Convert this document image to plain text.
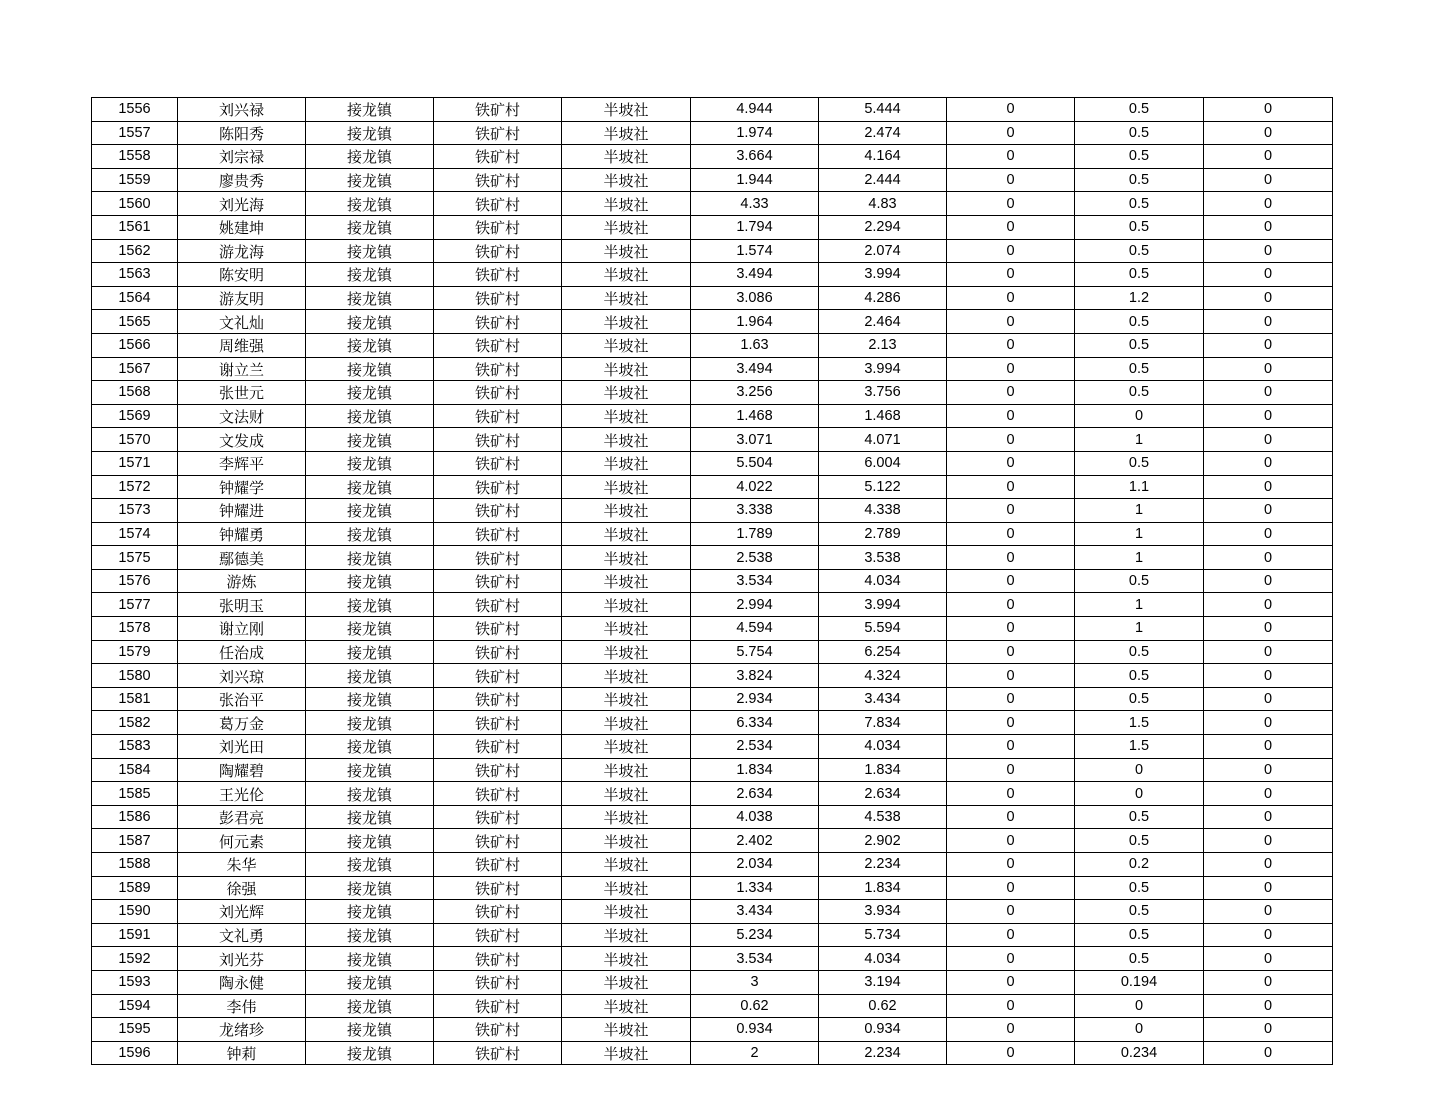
1556	刘兴禄	接龙镇	铁矿村	半坡社	4.944	5.444	0	0.5	0
1557	陈阳秀	接龙镇	铁矿村	半坡社	1.974	2.474	0	0.5	0
1558	刘宗禄	接龙镇	铁矿村	半坡社	3.664	4.164	0	0.5	0
1559	廖贵秀	接龙镇	铁矿村	半坡社	1.944	2.444	0	0.5	0
1560	刘光海	接龙镇	铁矿村	半坡社	4.33	4.83	0	0.5	0
1561	姚建坤	接龙镇	铁矿村	半坡社	1.794	2.294	0	0.5	0
1562	游龙海	接龙镇	铁矿村	半坡社	1.574	2.074	0	0.5	0
1563	陈安明	接龙镇	铁矿村	半坡社	3.494	3.994	0	0.5	0
1564	游友明	接龙镇	铁矿村	半坡社	3.086	4.286	0	1.2	0
1565	文礼灿	接龙镇	铁矿村	半坡社	1.964	2.464	0	0.5	0
1566	周维强	接龙镇	铁矿村	半坡社	1.63	2.13	0	0.5	0
1567	谢立兰	接龙镇	铁矿村	半坡社	3.494	3.994	0	0.5	0
1568	张世元	接龙镇	铁矿村	半坡社	3.256	3.756	0	0.5	0
1569	文法财	接龙镇	铁矿村	半坡社	1.468	1.468	0	0	0
1570	文发成	接龙镇	铁矿村	半坡社	3.071	4.071	0	1	0
1571	李辉平	接龙镇	铁矿村	半坡社	5.504	6.004	0	0.5	0
1572	钟耀学	接龙镇	铁矿村	半坡社	4.022	5.122	0	1.1	0
1573	钟耀进	接龙镇	铁矿村	半坡社	3.338	4.338	0	1	0
1574	钟耀勇	接龙镇	铁矿村	半坡社	1.789	2.789	0	1	0
1575	鄢德美	接龙镇	铁矿村	半坡社	2.538	3.538	0	1	0
1576	游炼	接龙镇	铁矿村	半坡社	3.534	4.034	0	0.5	0
1577	张明玉	接龙镇	铁矿村	半坡社	2.994	3.994	0	1	0
1578	谢立刚	接龙镇	铁矿村	半坡社	4.594	5.594	0	1	0
1579	任治成	接龙镇	铁矿村	半坡社	5.754	6.254	0	0.5	0
1580	刘兴琼	接龙镇	铁矿村	半坡社	3.824	4.324	0	0.5	0
1581	张治平	接龙镇	铁矿村	半坡社	2.934	3.434	0	0.5	0
1582	葛万金	接龙镇	铁矿村	半坡社	6.334	7.834	0	1.5	0
1583	刘光田	接龙镇	铁矿村	半坡社	2.534	4.034	0	1.5	0
1584	陶耀碧	接龙镇	铁矿村	半坡社	1.834	1.834	0	0	0
1585	王光伦	接龙镇	铁矿村	半坡社	2.634	2.634	0	0	0
1586	彭君亮	接龙镇	铁矿村	半坡社	4.038	4.538	0	0.5	0
1587	何元素	接龙镇	铁矿村	半坡社	2.402	2.902	0	0.5	0
1588	朱华	接龙镇	铁矿村	半坡社	2.034	2.234	0	0.2	0
1589	徐强	接龙镇	铁矿村	半坡社	1.334	1.834	0	0.5	0
1590	刘光辉	接龙镇	铁矿村	半坡社	3.434	3.934	0	0.5	0
1591	文礼勇	接龙镇	铁矿村	半坡社	5.234	5.734	0	0.5	0
1592	刘光芬	接龙镇	铁矿村	半坡社	3.534	4.034	0	0.5	0
1593	陶永健	接龙镇	铁矿村	半坡社	3	3.194	0	0.194	0
1594	李伟	接龙镇	铁矿村	半坡社	0.62	0.62	0	0	0
1595	龙绪珍	接龙镇	铁矿村	半坡社	0.934	0.934	0	0	0
1596	钟莉	接龙镇	铁矿村	半坡社	2	2.234	0	0.234	0
